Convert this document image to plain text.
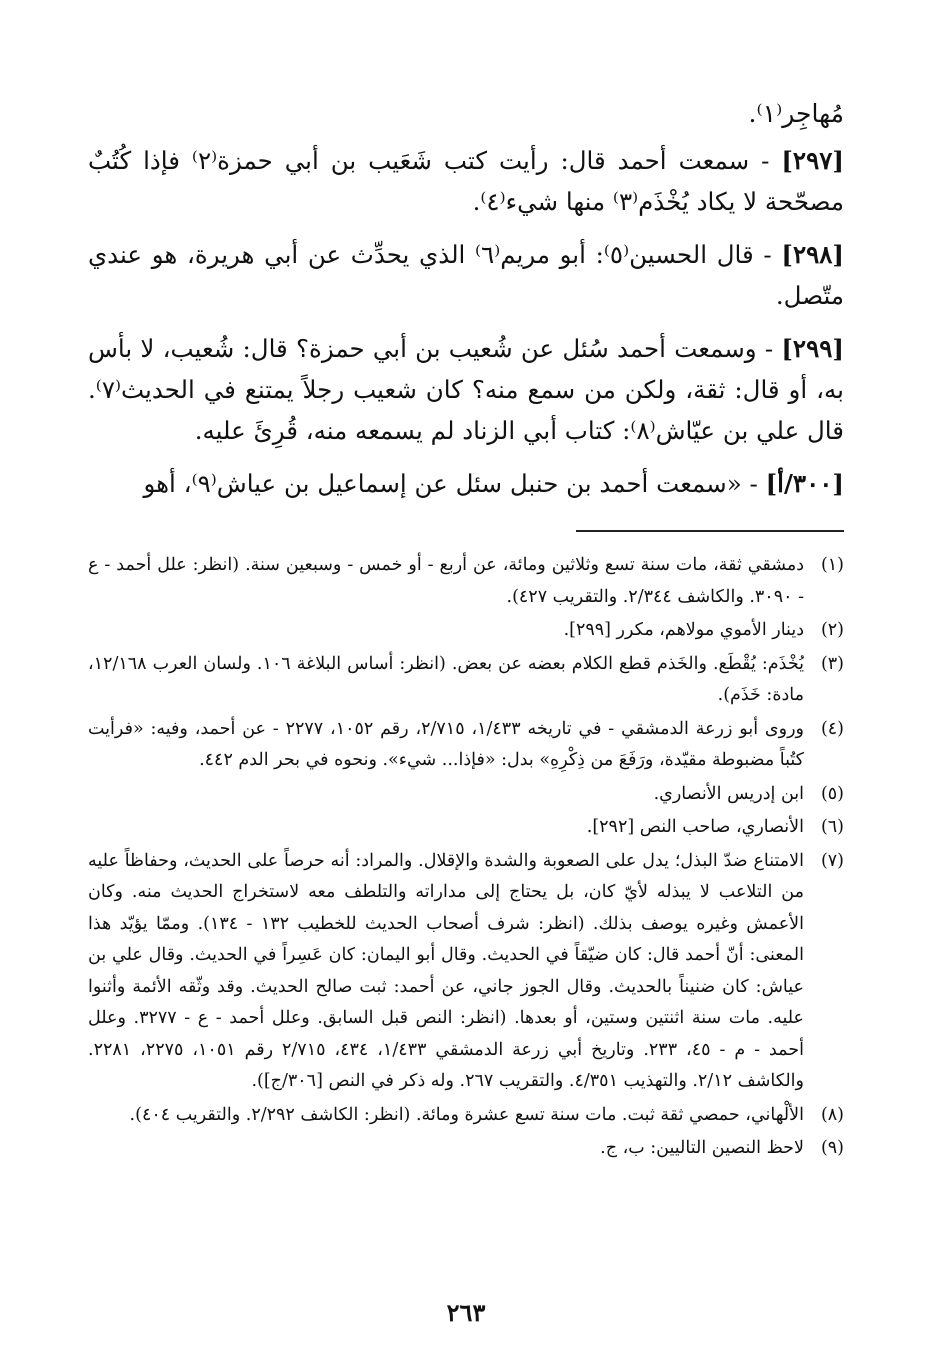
مُهاجِر⁽١⁾.

[٢٩٧] - سمعت أحمد قال: رأيت كتب شَعَيب بن أبي حمزة⁽٢⁾ فإذا كُتُبٌ مصحّحة لا يكاد يُخْذَم⁽٣⁾ منها شيء⁽٤⁾.

[٢٩٨] - قال الحسين⁽٥⁾: أبو مريم⁽٦⁾ الذي يحدِّث عن أبي هريرة، هو عندي متّصل.

[٢٩٩] - وسمعت أحمد سُئل عن شُعيب بن أبي حمزة؟ قال: شُعيب، لا بأس به، أو قال: ثقة، ولكن من سمع منه؟ كان شعيب رجلاً يمتنع في الحديث⁽٧⁾. قال علي بن عيّاش⁽٨⁾: كتاب أبي الزناد لم يسمعه منه، قُرِئَ عليه.

[٣٠٠/أ] - «سمعت أحمد بن حنبل سئل عن إسماعيل بن عياش⁽٩⁾، أهو

(١)
دمشقي ثقة، مات سنة تسع وثلاثين ومائة، عن أربع - أو خمس - وسبعين سنة. (انظر: علل أحمد - ع - ٣٠٩٠. والكاشف ٢/٣٤٤. والتقريب ٤٢٧).
(٢)
دينار الأموي مولاهم، مكرر [٢٩٩].
(٣)
يُخْذَم: يُقْطَع. والخَذم قطع الكلام بعضه عن بعض. (انظر: أساس البلاغة ١٠٦. ولسان العرب ١٢/١٦٨، مادة: خَذَم).
(٤)
وروى أبو زرعة الدمشقي - في تاريخه ١/٤٣٣، ٢/٧١٥، رقم ١٠٥٢، ٢٢٧٧ - عن أحمد، وفيه: «فرأيت كتُباً مضبوطة مقيّدة، ورَفَعَ من ذِكْرِهِ» بدل: «فإذا... شيء». ونحوه في بحر الدم ٤٤٢.
(٥)
ابن إدريس الأنصاري.
(٦)
الأنصاري، صاحب النص [٢٩٢].
(٧)
الامتناع ضدّ البذل؛ يدل على الصعوبة والشدة والإقلال. والمراد: أنه حرصاً على الحديث، وحفاظاً عليه من التلاعب لا يبذله لأيّ كان، بل يحتاج إلى مداراته والتلطف معه لاستخراج الحديث منه. وكان الأعمش وغيره يوصف بذلك. (انظر: شرف أصحاب الحديث للخطيب ١٣٢ - ١٣٤). وممّا يؤيّد هذا المعنى: أنّ أحمد قال: كان ضيّقاً في الحديث. وقال أبو اليمان: كان عَسِراً في الحديث. وقال علي بن عياش: كان ضنيناً بالحديث. وقال الجوز جاني، عن أحمد: ثبت صالح الحديث. وقد وثّقه الأئمة وأثنوا عليه. مات سنة اثنتين وستين، أو بعدها. (انظر: النص قبل السابق. وعلل أحمد - ع - ٣٢٧٧. وعلل أحمد - م - ٤٥، ٢٣٣. وتاريخ أبي زرعة الدمشقي ١/٤٣٣، ٤٣٤، ٢/٧١٥ رقم ١٠٥١، ٢٢٧٥، ٢٢٨١. والكاشف ٢/١٢. والتهذيب ٤/٣٥١. والتقريب ٢٦٧. وله ذكر في النص [٣٠٦/ج]).
(٨)
الألْهاني، حمصي ثقة ثبت. مات سنة تسع عشرة ومائة. (انظر: الكاشف ٢/٢٩٢. والتقريب ٤٠٤).
(٩)
لاحظ النصين التاليين: ب، ج.
٢٦٣
